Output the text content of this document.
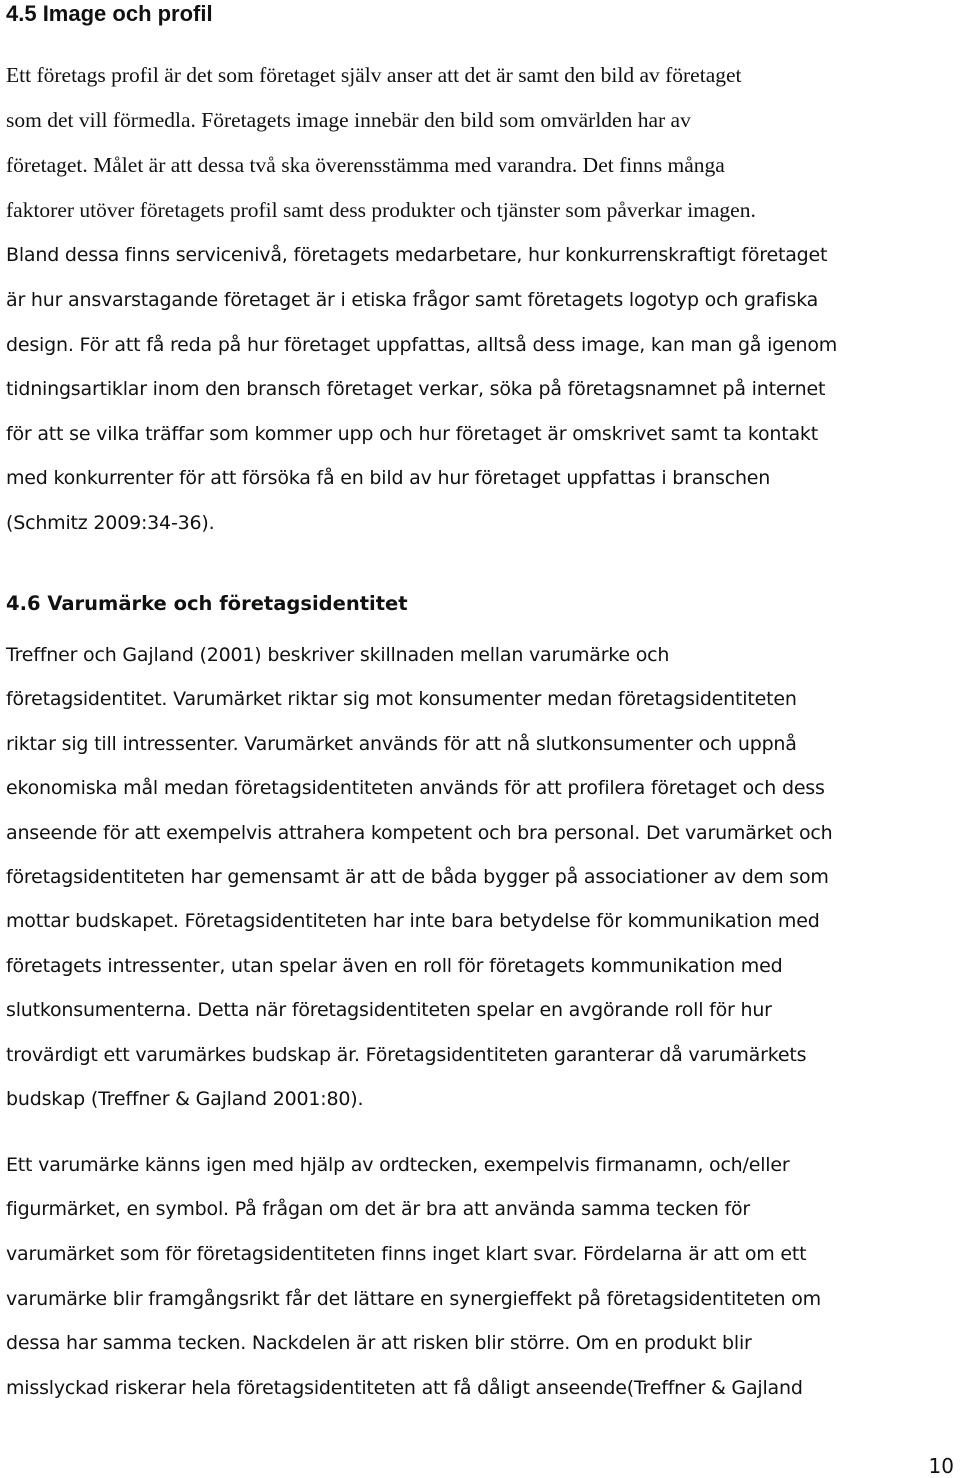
4.5 Image och profil
Ett företags profil är det som företaget själv anser att det är samt den bild av företaget
som det vill förmedla. Företagets image innebär den bild som omvärlden har av
företaget. Målet är att dessa två ska överensstämma med varandra. Det finns många
faktorer utöver företagets profil samt dess produkter och tjänster som påverkar imagen.
Bland dessa finns servicenivå, företagets medarbetare, hur konkurrenskraftigt företaget
är hur ansvarstagande företaget är i etiska frågor samt företagets logotyp och grafiska
design. För att få reda på hur företaget uppfattas, alltså dess image, kan man gå igenom
tidningsartiklar inom den bransch företaget verkar, söka på företagsnamnet på internet
för att se vilka träffar som kommer upp och hur företaget är omskrivet samt ta kontakt
med konkurrenter för att försöka få en bild av hur företaget uppfattas i branschen
(Schmitz 2009:34-36).
4.6 Varumärke och företagsidentitet
Treffner och Gajland (2001) beskriver skillnaden mellan varumärke och
företagsidentitet. Varumärket riktar sig mot konsumenter medan företagsidentiteten
riktar sig till intressenter. Varumärket används för att nå slutkonsumenter och uppnå
ekonomiska mål medan företagsidentiteten används för att profilera företaget och dess
anseende för att exempelvis attrahera kompetent och bra personal. Det varumärket och
företagsidentiteten har gemensamt är att de båda bygger på associationer av dem som
mottar budskapet. Företagsidentiteten har inte bara betydelse för kommunikation med
företagets intressenter, utan spelar även en roll för företagets kommunikation med
slutkonsumenterna. Detta när företagsidentiteten spelar en avgörande roll för hur
trovärdigt ett varumärkes budskap är. Företagsidentiteten garanterar då varumärkets
budskap (Treffner & Gajland 2001:80).
Ett varumärke känns igen med hjälp av ordtecken, exempelvis firmanamn, och/eller
figurmärket, en symbol. På frågan om det är bra att använda samma tecken för
varumärket som för företagsidentiteten finns inget klart svar. Fördelarna är att om ett
varumärke blir framgångsrikt får det lättare en synergieffekt på företagsidentiteten om
dessa har samma tecken. Nackdelen är att risken blir större. Om en produkt blir
misslyckad riskerar hela företagsidentiteten att få dåligt anseende(Treffner & Gajland
10
